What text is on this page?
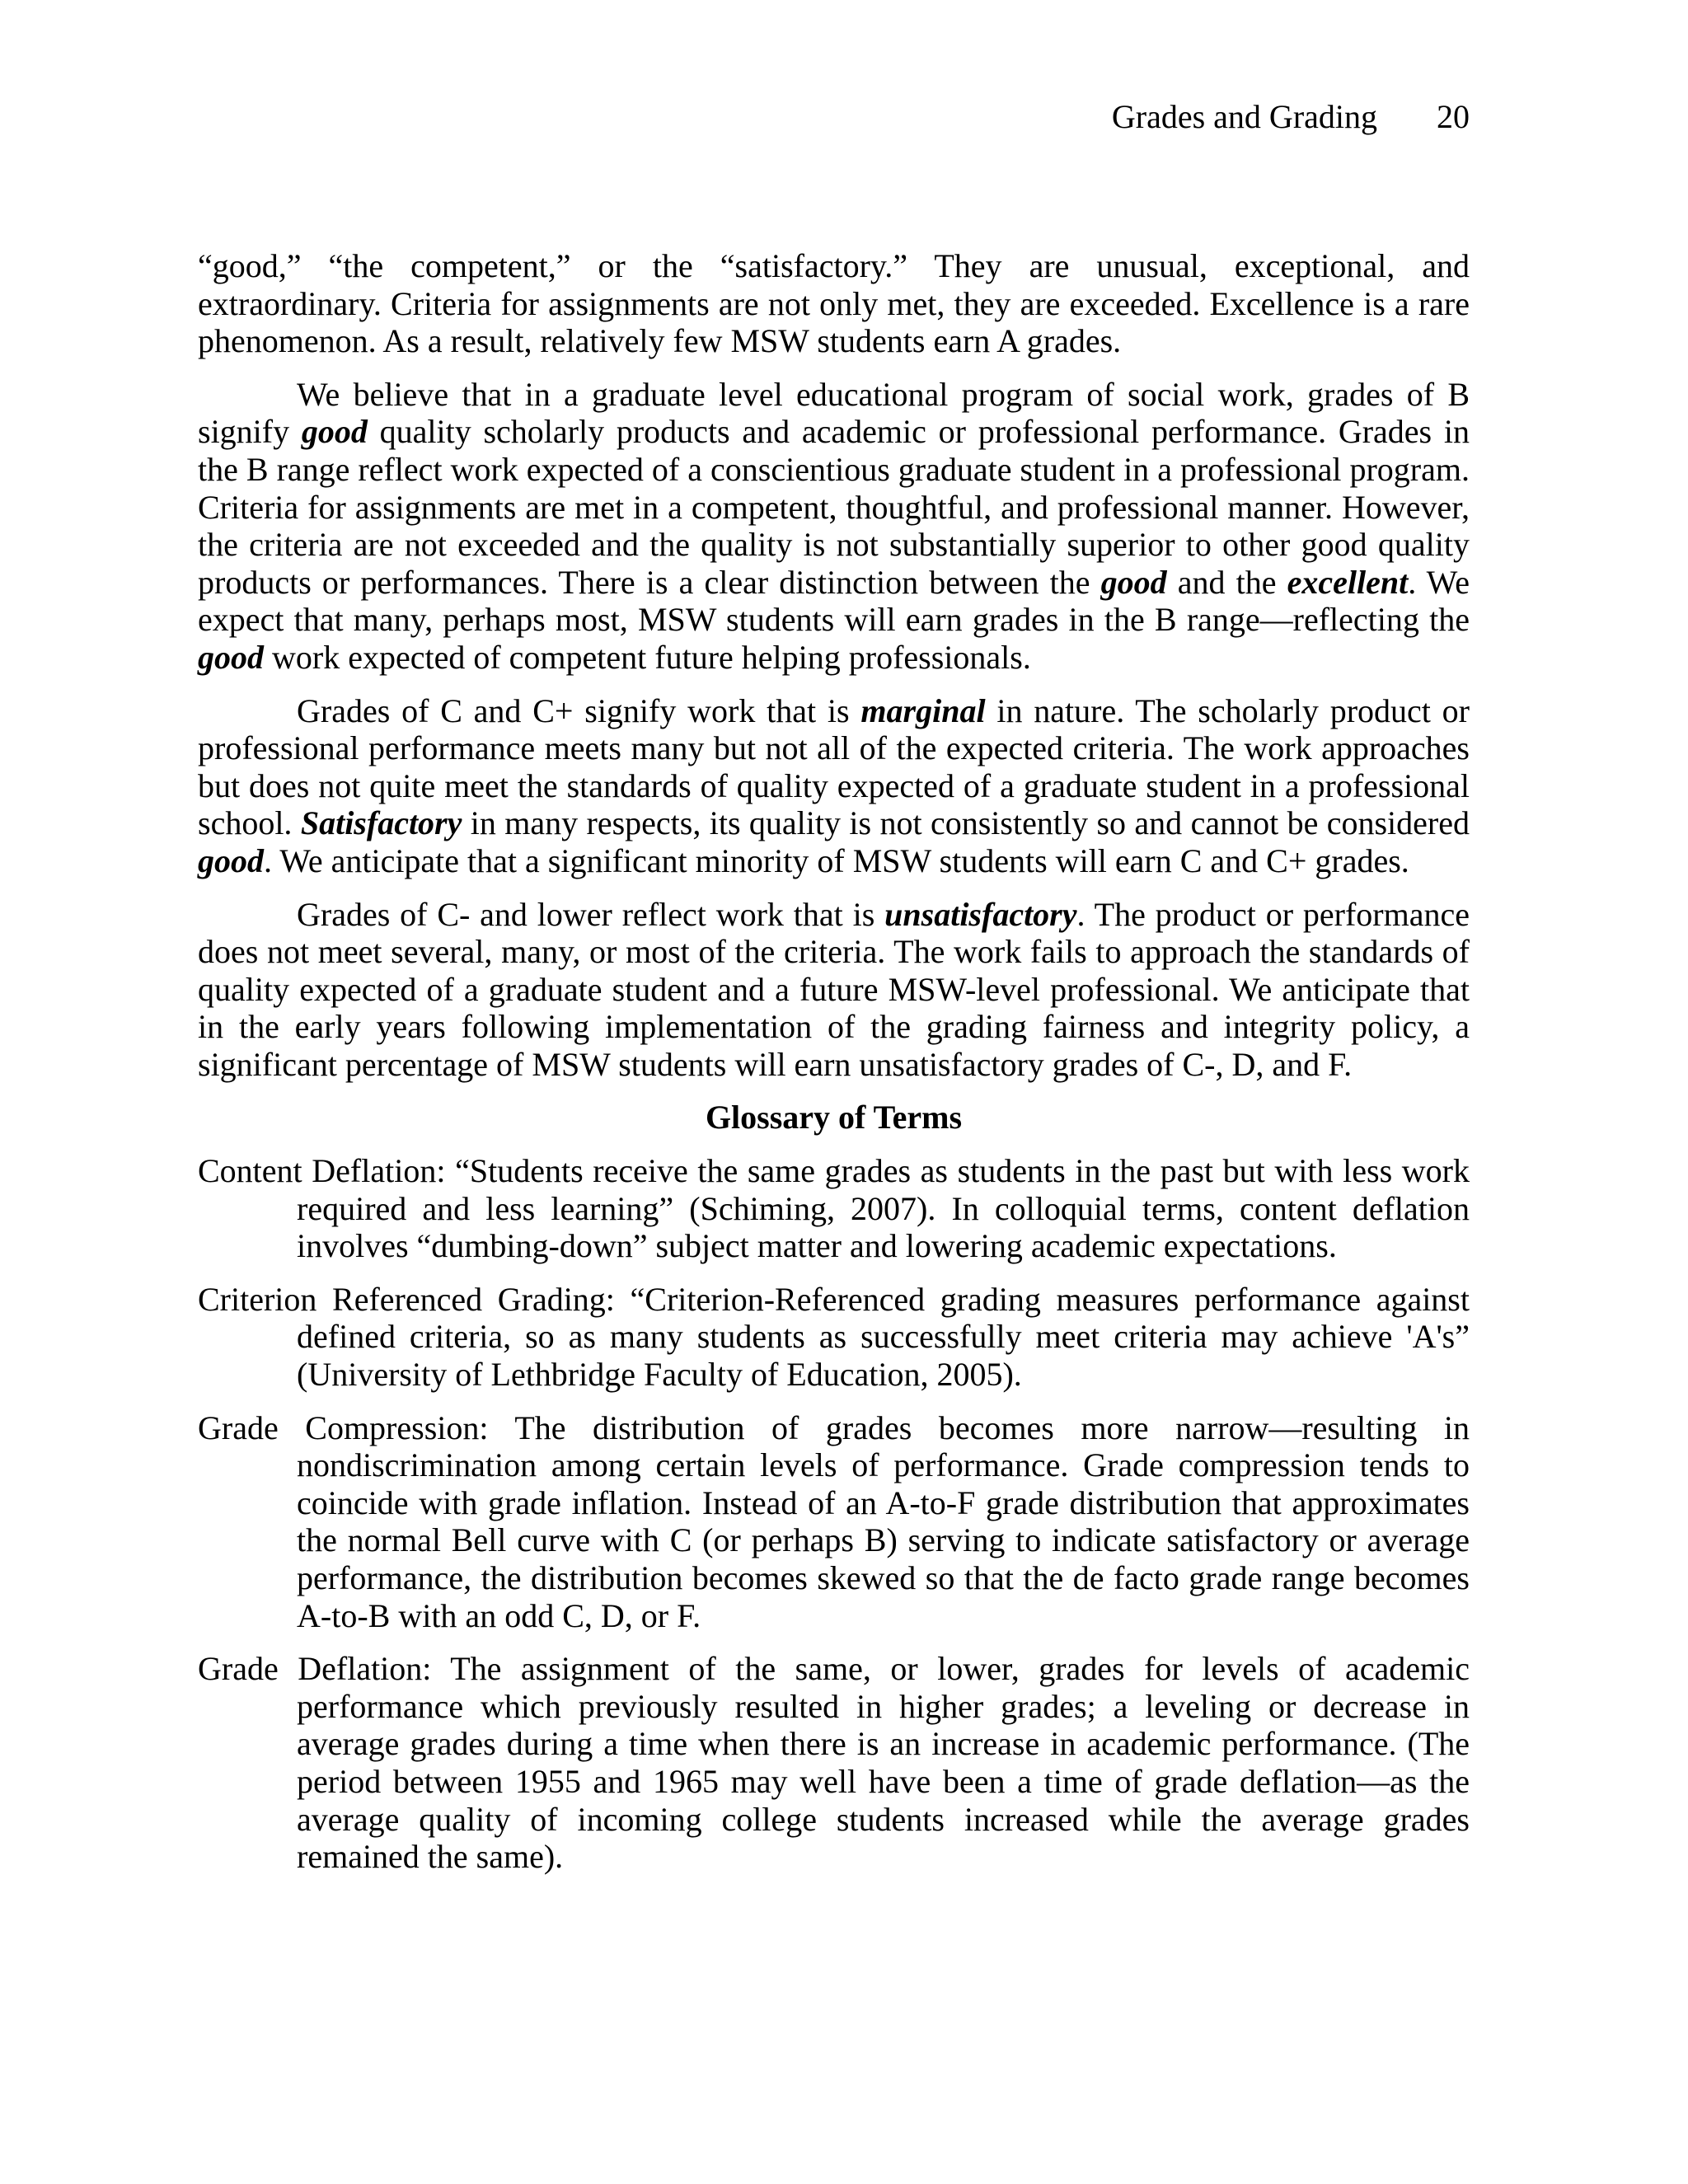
Grades and Grading 20

“good,” “the competent,” or the “satisfactory.” They are unusual, exceptional, and extraordinary. Criteria for assignments are not only met, they are exceeded. Excellence is a rare phenomenon. As a result, relatively few MSW students earn A grades.

We believe that in a graduate level educational program of social work, grades of B signify good quality scholarly products and academic or professional performance. Grades in the B range reflect work expected of a conscientious graduate student in a professional program. Criteria for assignments are met in a competent, thoughtful, and professional manner. However, the criteria are not exceeded and the quality is not substantially superior to other good quality products or performances. There is a clear distinction between the good and the excellent. We expect that many, perhaps most, MSW students will earn grades in the B range—reflecting the good work expected of competent future helping professionals.

Grades of C and C+ signify work that is marginal in nature. The scholarly product or professional performance meets many but not all of the expected criteria. The work approaches but does not quite meet the standards of quality expected of a graduate student in a professional school. Satisfactory in many respects, its quality is not consistently so and cannot be considered good. We anticipate that a significant minority of MSW students will earn C and C+ grades.

Grades of C- and lower reflect work that is unsatisfactory. The product or performance does not meet several, many, or most of the criteria. The work fails to approach the standards of quality expected of a graduate student and a future MSW-level professional. We anticipate that in the early years following implementation of the grading fairness and integrity policy, a significant percentage of MSW students will earn unsatisfactory grades of C-, D, and F.

Glossary of Terms

Content Deflation: “Students receive the same grades as students in the past but with less work required and less learning” (Schiming, 2007). In colloquial terms, content deflation involves “dumbing-down” subject matter and lowering academic expectations.

Criterion Referenced Grading: “Criterion-Referenced grading measures performance against defined criteria, so as many students as successfully meet criteria may achieve 'A's” (University of Lethbridge Faculty of Education, 2005).

Grade Compression: The distribution of grades becomes more narrow—resulting in nondiscrimination among certain levels of performance. Grade compression tends to coincide with grade inflation. Instead of an A-to-F grade distribution that approximates the normal Bell curve with C (or perhaps B) serving to indicate satisfactory or average performance, the distribution becomes skewed so that the de facto grade range becomes A-to-B with an odd C, D, or F.

Grade Deflation: The assignment of the same, or lower, grades for levels of academic performance which previously resulted in higher grades; a leveling or decrease in average grades during a time when there is an increase in academic performance. (The period between 1955 and 1965 may well have been a time of grade deflation—as the average quality of incoming college students increased while the average grades remained the same).
